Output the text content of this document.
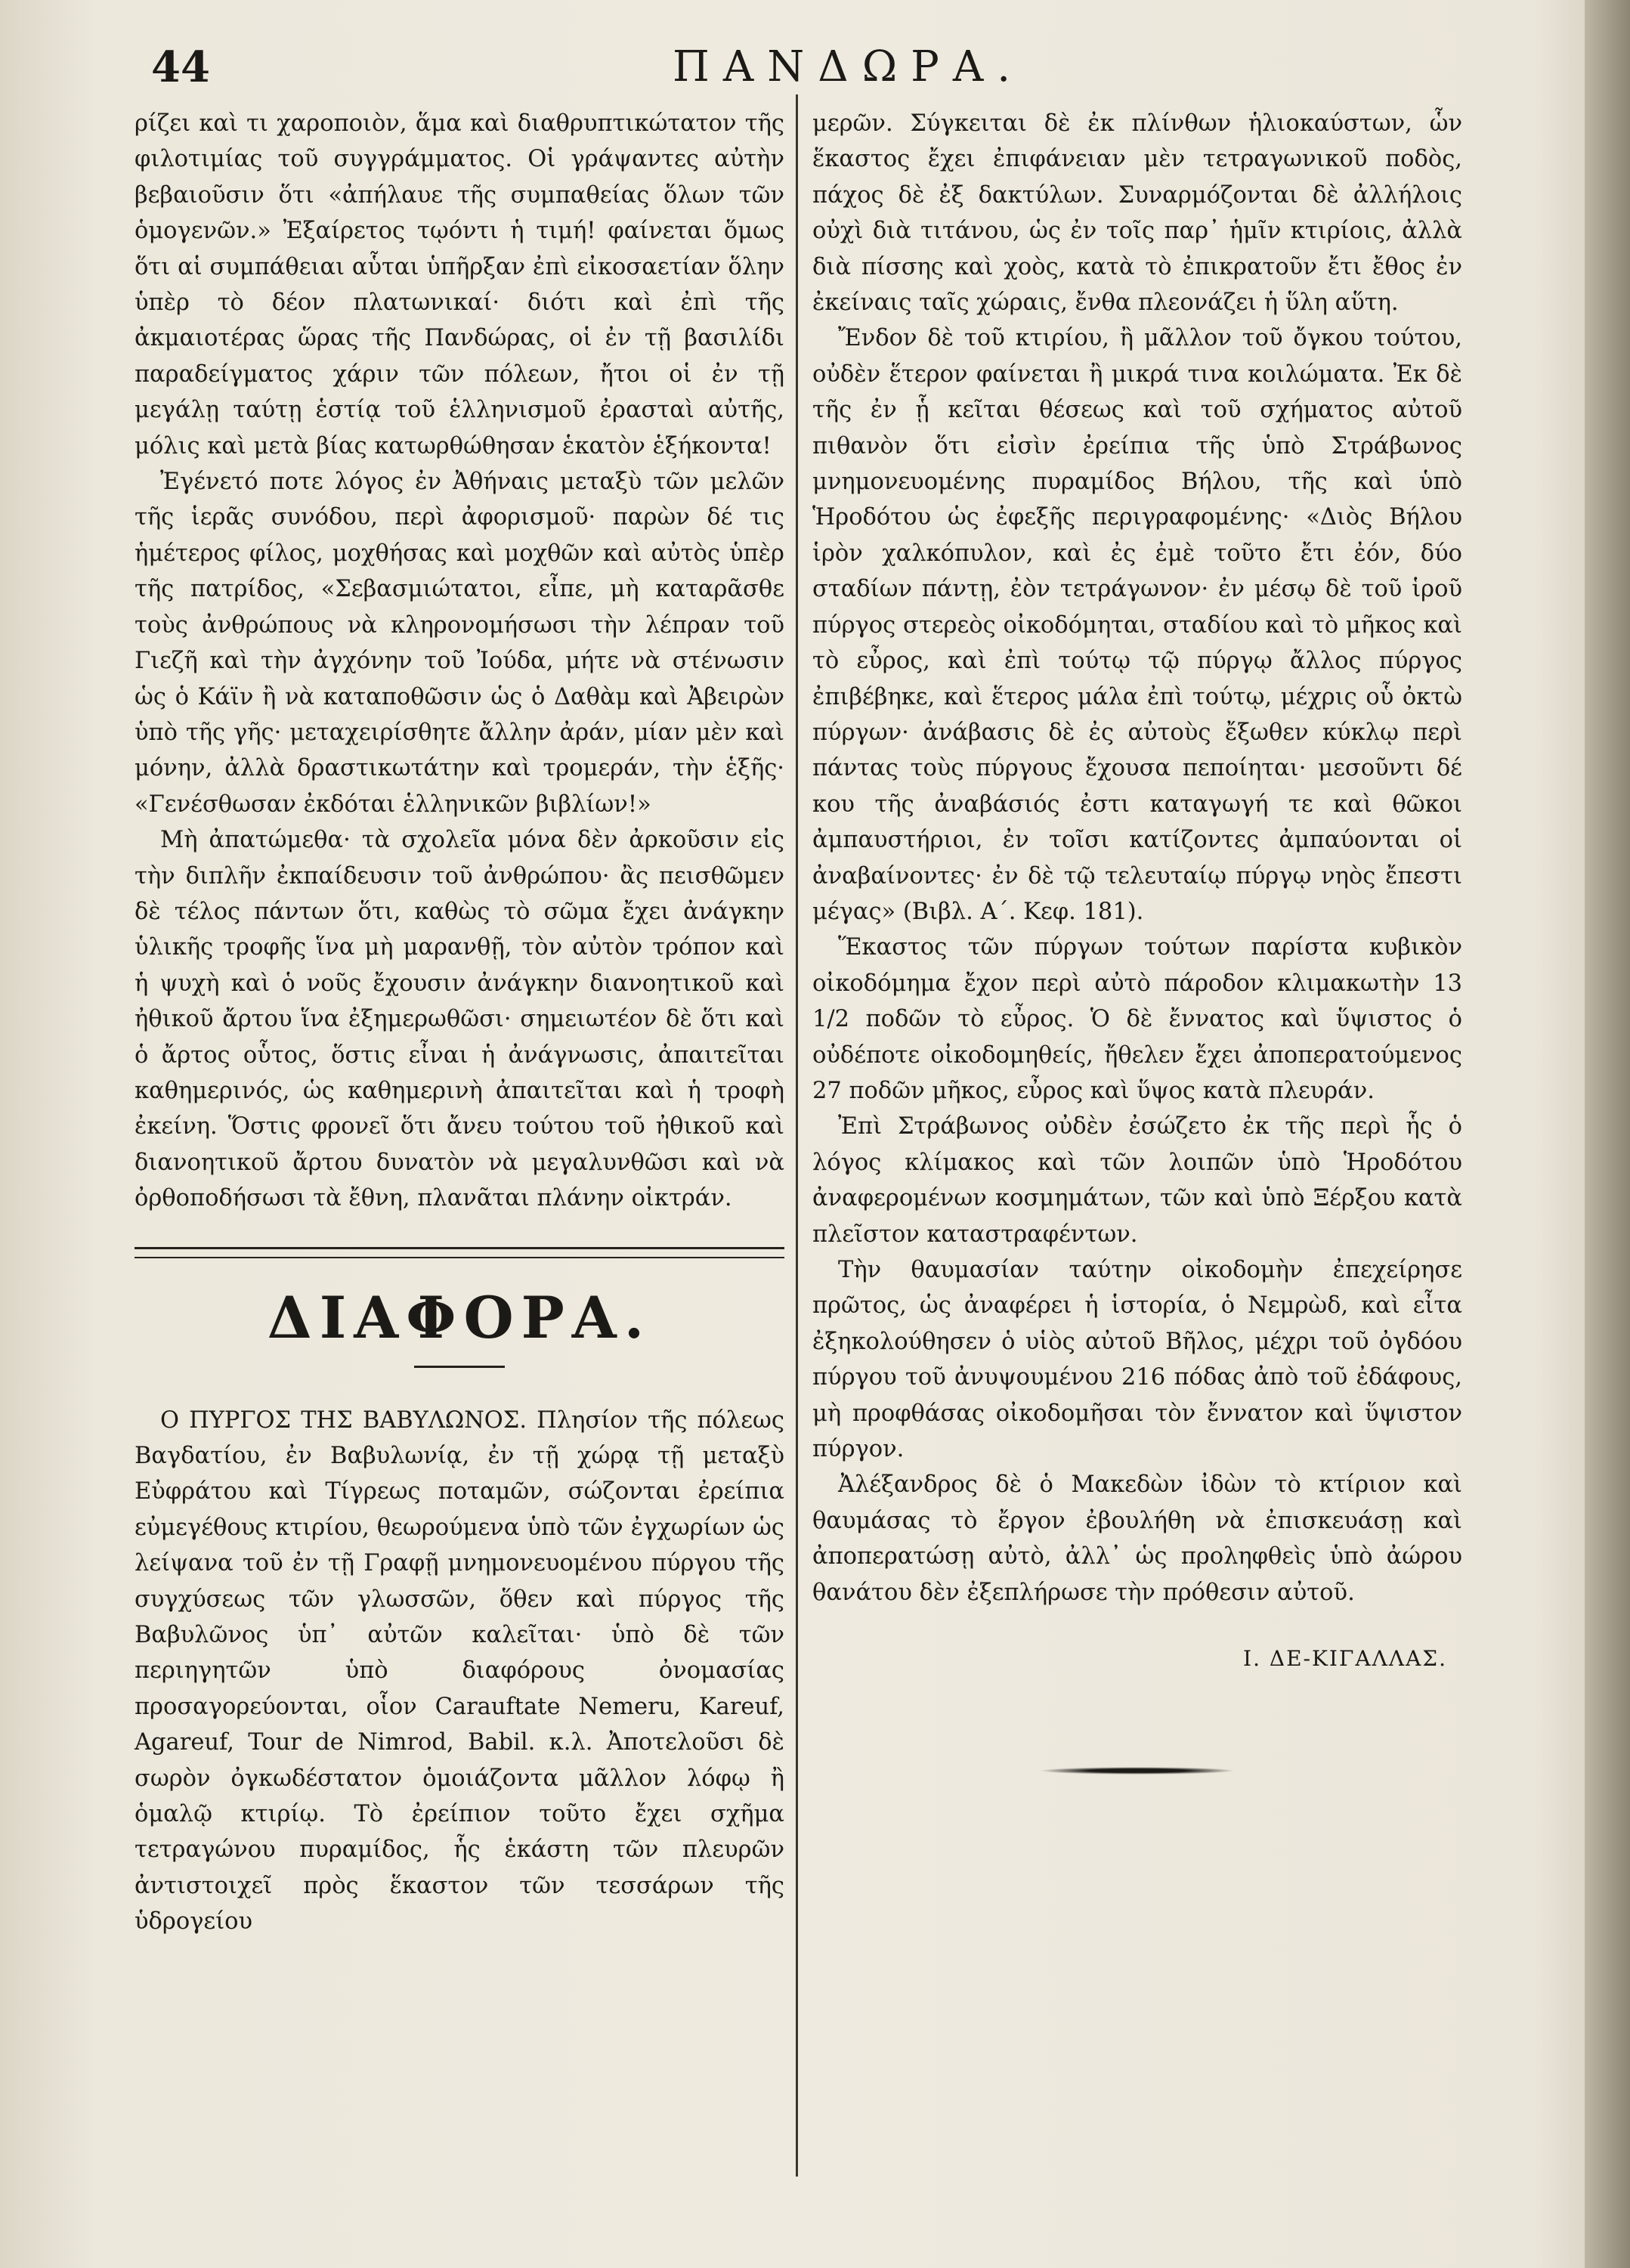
44	ΠΑΝΔΩΡΑ.

ρίζει καὶ τι χαροποιὸν, ἅμα καὶ διαθρυπτικώτατον τῆς φιλοτιμίας τοῦ συγγράμματος. Οἱ γράψαντες αὐτὴν βεβαιοῦσιν ὅτι «ἀπήλαυε τῆς συμπαθείας ὅλων τῶν ὁμογενῶν.» Ἐξαίρετος τῳόντι ἡ τιμή! φαίνεται ὅμως ὅτι αἱ συμπάθειαι αὗται ὑπῆρξαν ἐπὶ εἰκοσαετίαν ὅλην ὑπὲρ τὸ δέον πλατωνικαί· διότι καὶ ἐπὶ τῆς ἀκμαιοτέρας ὥρας τῆς Πανδώρας, οἱ ἐν τῇ βασιλίδι παραδείγματος χάριν τῶν πόλεων, ἤτοι οἱ ἐν τῇ μεγάλῃ ταύτῃ ἑστίᾳ τοῦ ἑλληνισμοῦ ἐρασταὶ αὐτῆς, μόλις καὶ μετὰ βίας κατωρθώθησαν ἑκατὸν ἑξήκοντα!

Ἐγένετό ποτε λόγος ἐν Ἀθήναις μεταξὺ τῶν μελῶν τῆς ἱερᾶς συνόδου, περὶ ἀφορισμοῦ· παρὼν δέ τις ἡμέτερος φίλος, μοχθήσας καὶ μοχθῶν καὶ αὐτὸς ὑπὲρ τῆς πατρίδος, «Σεβασμιώτατοι, εἶπε, μὴ καταρᾶσθε τοὺς ἀνθρώπους νὰ κληρονομήσωσι τὴν λέπραν τοῦ Γιεζῆ καὶ τὴν ἀγχόνην τοῦ Ἰούδα, μήτε νὰ στένωσιν ὡς ὁ Κάϊν ἢ νὰ καταποθῶσιν ὡς ὁ Δαθὰμ καὶ Ἀβειρὼν ὑπὸ τῆς γῆς· μεταχειρίσθητε ἄλλην ἀράν, μίαν μὲν καὶ μόνην, ἀλλὰ δραστικωτάτην καὶ τρομεράν, τὴν ἑξῆς· «Γενέσθωσαν ἐκδόται ἑλληνικῶν βιβλίων!»

Μὴ ἀπατώμεθα· τὰ σχολεῖα μόνα δὲν ἀρκοῦσιν εἰς τὴν διπλῆν ἐκπαίδευσιν τοῦ ἀνθρώπου· ἂς πεισθῶμεν δὲ τέλος πάντων ὅτι, καθὼς τὸ σῶμα ἔχει ἀνάγκην ὑλικῆς τροφῆς ἵνα μὴ μαρανθῇ, τὸν αὐτὸν τρόπον καὶ ἡ ψυχὴ καὶ ὁ νοῦς ἔχουσιν ἀνάγκην διανοητικοῦ καὶ ἠθικοῦ ἄρτου ἵνα ἐξημερωθῶσι· σημειωτέον δὲ ὅτι καὶ ὁ ἄρτος οὗτος, ὅστις εἶναι ἡ ἀνάγνωσις, ἀπαιτεῖται καθημερινός, ὡς καθημερινὴ ἀπαιτεῖται καὶ ἡ τροφὴ ἐκείνη. Ὅστις φρονεῖ ὅτι ἄνευ τούτου τοῦ ἠθικοῦ καὶ διανοητικοῦ ἄρτου δυνατὸν νὰ μεγαλυνθῶσι καὶ νὰ ὀρθοποδήσωσι τὰ ἔθνη, πλανᾶται πλάνην οἰκτράν.

ΔΙΑΦΟΡΑ.

Ο ΠΥΡΓΟΣ ΤΗΣ ΒΑΒΥΛΩΝΟΣ. Πλησίον τῆς πόλεως Βαγδατίου, ἐν Βαβυλωνίᾳ, ἐν τῇ χώρᾳ τῇ μεταξὺ Εὐφράτου καὶ Τίγρεως ποταμῶν, σώζονται ἐρείπια εὐμεγέθους κτιρίου, θεωρούμενα ὑπὸ τῶν ἐγχωρίων ὡς λείψανα τοῦ ἐν τῇ Γραφῇ μνημονευομένου πύργου τῆς συγχύσεως τῶν γλωσσῶν, ὅθεν καὶ πύργος τῆς Βαβυλῶνος ὑπ᾽ αὐτῶν καλεῖται· ὑπὸ δὲ τῶν περιηγητῶν ὑπὸ διαφόρους ὀνομασίας προσαγορεύονται, οἷον Carauftate Nemeru, Kareuf, Agareuf, Tour de Nimrod, Babil. κ.λ. Ἀποτελοῦσι δὲ σωρὸν ὀγκωδέστατον ὁμοιάζοντα μᾶλλον λόφῳ ἢ ὁμαλῷ κτιρίῳ. Τὸ ἐρείπιον τοῦτο ἔχει σχῆμα τετραγώνου πυραμίδος, ἧς ἑκάστη τῶν πλευρῶν ἀντιστοιχεῖ πρὸς ἕκαστον τῶν τεσσάρων τῆς ὑδρογείου

μερῶν. Σύγκειται δὲ ἐκ πλίνθων ἡλιοκαύστων, ὧν ἕκαστος ἔχει ἐπιφάνειαν μὲν τετραγωνικοῦ ποδὸς, πάχος δὲ ἐξ δακτύλων. Συναρμόζονται δὲ ἀλλήλοις οὐχὶ διὰ τιτάνου, ὡς ἐν τοῖς παρ᾽ ἡμῖν κτιρίοις, ἀλλὰ διὰ πίσσης καὶ χοὸς, κατὰ τὸ ἐπικρατοῦν ἔτι ἔθος ἐν ἐκείναις ταῖς χώραις, ἔνθα πλεονάζει ἡ ὕλη αὕτη.

Ἔνδον δὲ τοῦ κτιρίου, ἢ μᾶλλον τοῦ ὄγκου τούτου, οὐδὲν ἕτερον φαίνεται ἢ μικρά τινα κοιλώματα. Ἐκ δὲ τῆς ἐν ᾗ κεῖται θέσεως καὶ τοῦ σχήματος αὐτοῦ πιθανὸν ὅτι εἰσὶν ἐρείπια τῆς ὑπὸ Στράβωνος μνημονευομένης πυραμίδος Βήλου, τῆς καὶ ὑπὸ Ἡροδότου ὡς ἐφεξῆς περιγραφομένης· «Διὸς Βήλου ἱρὸν χαλκόπυλον, καὶ ἐς ἐμὲ τοῦτο ἔτι ἐόν, δύο σταδίων πάντῃ, ἐὸν τετράγωνον· ἐν μέσῳ δὲ τοῦ ἱροῦ πύργος στερεὸς οἰκοδόμηται, σταδίου καὶ τὸ μῆκος καὶ τὸ εὖρος, καὶ ἐπὶ τούτῳ τῷ πύργῳ ἄλλος πύργος ἐπιβέβηκε, καὶ ἕτερος μάλα ἐπὶ τούτῳ, μέχρις οὗ ὀκτὼ πύργων· ἀνάβασις δὲ ἐς αὐτοὺς ἔξωθεν κύκλῳ περὶ πάντας τοὺς πύργους ἔχουσα πεποίηται· μεσοῦντι δέ κου τῆς ἀναβάσιός ἐστι καταγωγή τε καὶ θῶκοι ἀμπαυστήριοι, ἐν τοῖσι κατίζοντες ἀμπαύονται οἱ ἀναβαίνοντες· ἐν δὲ τῷ τελευταίῳ πύργῳ νηὸς ἔπεστι μέγας» (Βιβλ. Α΄. Κεφ. 181).

Ἕκαστος τῶν πύργων τούτων παρίστα κυβικὸν οἰκοδόμημα ἔχον περὶ αὐτὸ πάροδον κλιμακωτὴν 13 1/2 ποδῶν τὸ εὖρος. Ὁ δὲ ἔννατος καὶ ὕψιστος ὁ οὐδέποτε οἰκοδομηθείς, ἤθελεν ἔχει ἀποπερατούμενος 27 ποδῶν μῆκος, εὖρος καὶ ὕψος κατὰ πλευράν.

Ἐπὶ Στράβωνος οὐδὲν ἐσώζετο ἐκ τῆς περὶ ἧς ὁ λόγος κλίμακος καὶ τῶν λοιπῶν ὑπὸ Ἡροδότου ἀναφερομένων κοσμημάτων, τῶν καὶ ὑπὸ Ξέρξου κατὰ πλεῖστον καταστραφέντων.

Τὴν θαυμασίαν ταύτην οἰκοδομὴν ἐπεχείρησε πρῶτος, ὡς ἀναφέρει ἡ ἱστορία, ὁ Νεμρὼδ, καὶ εἶτα ἐξηκολούθησεν ὁ υἱὸς αὐτοῦ Βῆλος, μέχρι τοῦ ὀγδόου πύργου τοῦ ἀνυψουμένου 216 πόδας ἀπὸ τοῦ ἐδάφους, μὴ προφθάσας οἰκοδομῆσαι τὸν ἔννατον καὶ ὕψιστον πύργον.

Ἀλέξανδρος δὲ ὁ Μακεδὼν ἰδὼν τὸ κτίριον καὶ θαυμάσας τὸ ἔργον ἐβουλήθη νὰ ἐπισκευάσῃ καὶ ἀποπερατώσῃ αὐτὸ, ἀλλ᾽ ὡς προληφθεὶς ὑπὸ ἀώρου θανάτου δὲν ἐξεπλήρωσε τὴν πρόθεσιν αὐτοῦ.

Ι. ΔΕ-ΚΙΓΑΛΛΑΣ.
